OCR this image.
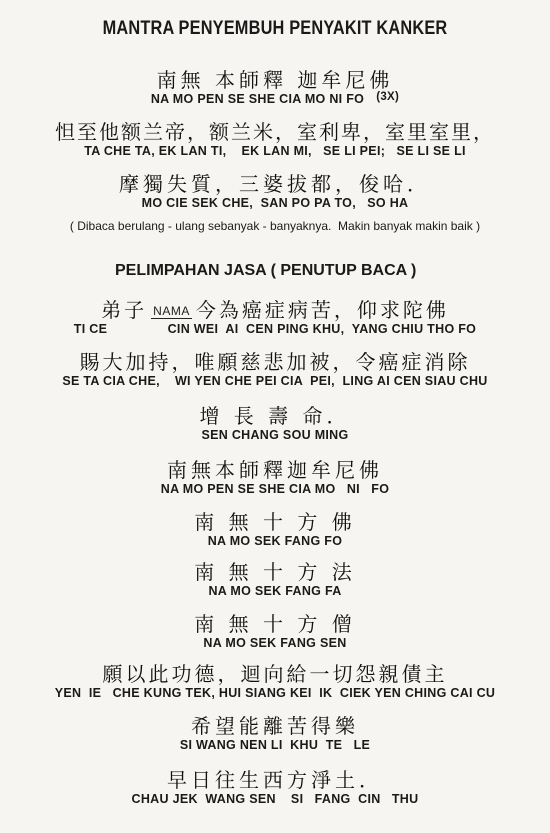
MANTRA PENYEMBUH PENYAKIT KANKER
南無 本師釋 迦牟尼佛
NA MO PEN SE SHE CIA MO NI FO (3X)
怛至他额兰帝，额兰米，室利卑，室里室里，
TA CHE TA, EK LAN TI,    EK LAN MI,   SE LI PEI;   SE LI SE LI
摩獨失質，三婆拔都，俊哈．
MO CIE SEK CHE,  SAN PO PA TO,   SO HA
( Dibaca berulang - ulang sebanyak - banyaknya.  Makin banyak makin baik )
PELIMPAHAN JASA ( PENUTUP BACA )
弟子 NAMA 今為癌症病苦，仰求陀佛
TI CE                CIN WEI  AI  CEN PING KHU,  YANG CHIU THO FO
賜大加持，唯願慈悲加被，令癌症消除
SE TA CIA CHE,    WI YEN CHE PEI CIA  PEI,  LING AI CEN SIAU CHU
增 長 壽 命．
SEN CHANG SOU MING
南無本師釋迦牟尼佛
NA MO PEN SE SHE CIA MO   NI   FO
南 無 十 方 佛
NA MO SEK FANG FO
南 無 十 方 法
NA MO SEK FANG FA
南 無 十 方 僧
NA MO SEK FANG SEN
願以此功德，迴向給一切怨親債主
YEN  IE   CHE KUNG TEK, HUI SIANG KEI  IK  CIEK YEN CHING CAI CU
希望能離苦得樂
SI WANG NEN LI  KHU  TE   LE
早日往生西方淨土．
CHAU JEK  WANG SEN    SI   FANG  CIN   THU
